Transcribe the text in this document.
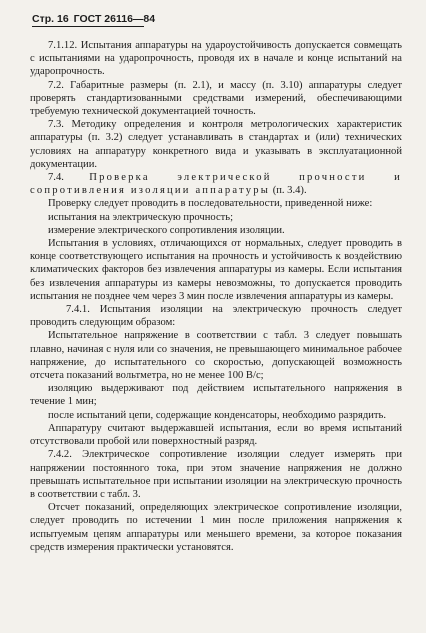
Стр. 16 ГОСТ 26116—84

7.1.12. Испытания аппаратуры на удароустойчивость допускается совмещать с испытаниями на ударопрочность, проводя их в начале и конце испытаний на ударопрочность.

7.2. Габаритные размеры (п. 2.1), и массу (п. 3.10) аппаратуры следует проверять стандартизованными средствами измерений, обеспечивающими требуемую технической документацией точность.

7.3. Методику определения и контроля метрологических характеристик аппаратуры (п. 3.2) следует устанавливать в стандартах и (или) технических условиях на аппаратуру конкретного вида и указывать в эксплуатационной документации.

7.4. Проверка электрической прочности и сопротивления изоляции аппаратуры (п. 3.4).

Проверку следует проводить в последовательности, приведенной ниже:

испытания на электрическую прочность;

измерение электрического сопротивления изоляции.

Испытания в условиях, отличающихся от нормальных, следует проводить в конце соответствующего испытания на прочность и устойчивость к воздействию климатических факторов без извлечения аппаратуры из камеры. Если испытания без извлечения аппаратуры из камеры невозможны, то допускается проводить испытания не позднее чем через 3 мин после извлечения аппаратуры из камеры.

7.4.1. Испытания изоляции на электрическую прочность следует проводить следующим образом:

Испытательное напряжение в соответствии с табл. 3 следует повышать плавно, начиная с нуля или со значения, не превышающего минимальное рабочее напряжение, до испытательного со скоростью, допускающей возможность отсчета показаний вольтметра, но не менее 100 В/с;

изоляцию выдерживают под действием испытательного напряжения в течение 1 мин;

после испытаний цепи, содержащие конденсаторы, необходимо разрядить.

Аппаратуру считают выдержавшей испытания, если во время испытаний отсутствовали пробой или поверхностный разряд.

7.4.2. Электрическое сопротивление изоляции следует измерять при напряжении постоянного тока, при этом значение напряжения не должно превышать испытательное при испытании изоляции на электрическую прочность в соответствии с табл. 3.

Отсчет показаний, определяющих электрическое сопротивление изоляции, следует проводить по истечении 1 мин после приложения напряжения к испытуемым цепям аппаратуры или меньшего времени, за которое показания средств измерения практически установятся.
